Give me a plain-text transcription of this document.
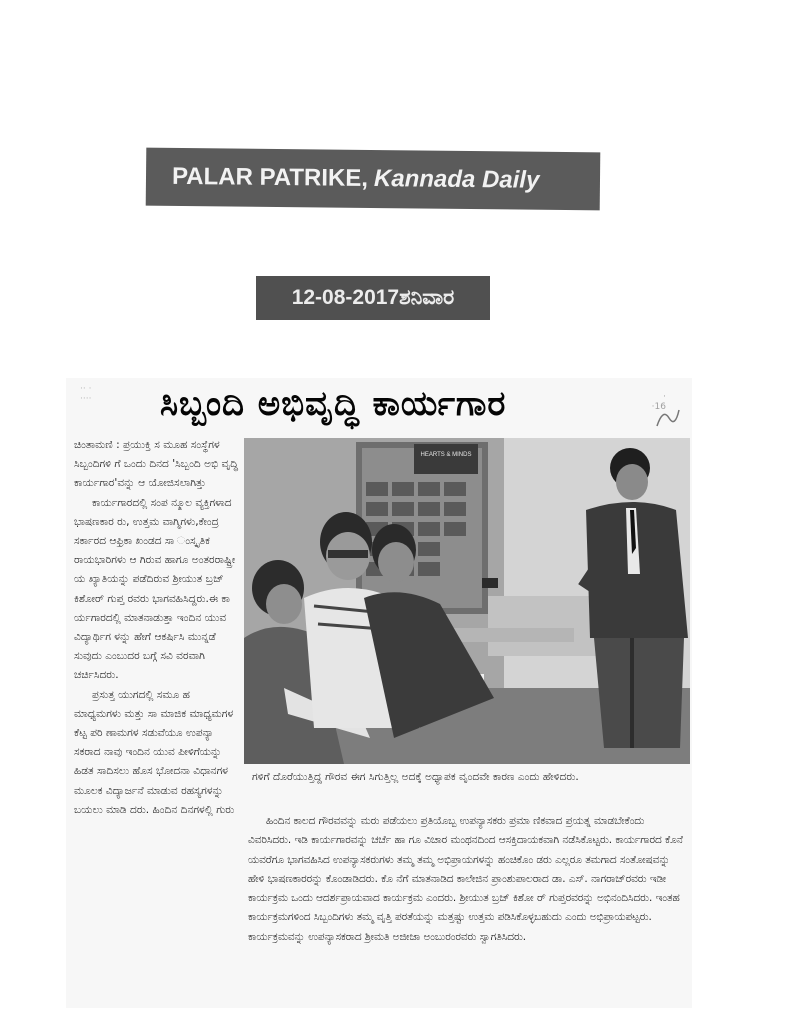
PALAR PATRIKE, Kannada Daily
12-08-2017ಶನಿವಾರ
·· ·
····	·
·16
ಸಿಬ್ಬಂದಿ ಅಭಿವೃದ್ಧಿ ಕಾರ್ಯಗಾರ

ಚಿಂತಾಮಣಿ : ಪ್ರಯುಕ್ತಿ ಸ ಮೂಹ ಸಂಸ್ಥೆಗಳ ಸಿಬ್ಬಂದಿಗಳಿ ಗೆ ಒಂದು ದಿನದ 'ಸಿಬ್ಬಂದಿ ಅಭಿ ವೃದ್ಧಿ ಕಾರ್ಯಗಾರ'ವನ್ನು ಆ ಯೋಜಿಸಲಾಗಿತ್ತು

ಕಾರ್ಯಗಾರದಲ್ಲಿ ಸಂಪ ನ್ಮೂಲ ವ್ಯಕ್ತಿಗಳಾದ ಭಾಷಣಕಾರ ರು, ಉತ್ತಮ ವಾಗ್ಮಿಗಳು,ಕೇಂದ್ರ ಸರ್ಕಾರದ ಆಫ್ರಿಕಾ ಖಂಡದ ಸಾ ಂಸ್ಕೃತಿಕ ರಾಯಭಾರಿಗಳು ಆ ಗಿರುವ ಹಾಗೂ ಅಂತರರಾಷ್ಟ್ರೀ ಯ ಖ್ಯಾತಿಯನ್ನು ಪಡೆದಿರುವ ಶ್ರೀಯುತ ಬ್ರಜ್ ಕಿಶೋರ್ ಗುಪ್ತ ರವರು ಭಾಗವಹಿಸಿದ್ದರು.ಈ ಕಾ ರ್ಯಗಾರದಲ್ಲಿ ಮಾತನಾಡುತ್ತಾ ಇಂದಿನ ಯುವ ವಿದ್ಯಾರ್ಥಿಗ ಳನ್ನು ಹೇಗೆ ಆಕರ್ಷಿಸಿ ಮುನ್ನಡೆ ಸುವುದು ಎಂಬುದರ ಬಗ್ಗೆ ಸವಿ ವರವಾಗಿ ಚರ್ಚಿಸಿದರು.

ಪ್ರಸುತ್ತ ಯುಗದಲ್ಲಿ ಸಮೂ ಹ ಮಾಧ್ಯಮಗಳು ಮತ್ತು ಸಾ ಮಾಜಿಕ ಮಾಧ್ಯಮಗಳ ಕೆಟ್ಟ ಪರಿ ಣಾಮಗಳ ಸಡುವೆಯೂ ಉಪನ್ಯಾ ಸಕರಾದ ನಾವು ಇಂದಿನ ಯುವ ಪೀಳಿಗೆಯನ್ನು ಹಿಡತ ಸಾದಿಸಲು ಹೊಸ ಭೋದನಾ ವಿಧಾನಗಳ ಮೂಲಕ ವಿದ್ಯಾರ್ಜನೆ ಮಾಡುವ ರಹಸ್ಯಗಳನ್ನು ಬಯಲು ಮಾಡಿ ದರು. ಹಿಂದಿನ ದಿನಗಳಲ್ಲಿ ಗುರು

HEARTS & MINDS
ಗಳಿಗೆ ದೊರೆಯುತ್ತಿದ್ದ ಗೌರವ ಈಗ ಸಿಗುತ್ತಿಲ್ಲ ಅದಕ್ಕೆ ಅಧ್ಯಾಪಕ ವೃಂದವೇ ಕಾರಣ ಎಂದು ಹೇಳಿದರು.

ಹಿಂದಿನ ಕಾಲದ ಗೌರವವನ್ನು ಮರು ಪಡೆಯಲು ಪ್ರತಿಯೊಬ್ಬ ಉಪನ್ಯಾಸಕರು ಪ್ರಮಾ ಣಿಕವಾದ ಪ್ರಯತ್ನ ಮಾಡಬೇಕೆಂದು ವಿವರಿಸಿದರು. ಇಡಿ ಕಾರ್ಯಗಾರವನ್ನು ಚರ್ಚೆ ಹಾ ಗೂ ವಿಚಾರ ಮಂಥನದಿಂದ ಆಸಕ್ತಿದಾಯಕವಾಗಿ ನಡೆಸಿಕೊಟ್ಟರು. ಕಾರ್ಯಗಾರದ ಕೊನೆ ಯವರೆಗೂ ಭಾಗವಹಿಸಿದ ಉಪನ್ಯಾಸಕರುಗಳು ತಮ್ಮ ತಮ್ಮ ಅಭಿಪ್ರಾಯಗಳನ್ನು ಹಂಚಿಕೊಂ ಡರು ಎಲ್ಲರೂ ತಮಗಾದ ಸಂತೋಷವನ್ನು ಹೇಳಿ ಭಾಷಣಕಾರರನ್ನು ಕೊಂಡಾಡಿದರು. ಕೊ ನೆಗೆ ಮಾತನಾಡಿದ ಕಾಲೇಜಿನ ಪ್ರಾಂಶುಪಾಲರಾದ ಡಾ. ಎಸ್. ನಾಗರಾಜ್‌ರವರು ಇಡೀ ಕಾರ್ಯಕ್ರಮ ಒಂದು ಆದರ್ಶಪ್ರಾಯವಾದ ಕಾರ್ಯಕ್ರಮ ಎಂದರು. ಶ್ರೀಯುತ ಬ್ರಜ್ ಕಿಶೋ ರ್ ಗುಪ್ತರವರನ್ನು ಅಭಿನಂದಿಸಿದರು. ಇಂತಹ ಕಾರ್ಯಕ್ರಮಗಳಿಂದ ಸಿಬ್ಬಂದಿಗಳು ತಮ್ಮ ವೃತ್ತಿ ಪರತೆಯನ್ನು ಮತ್ತಷ್ಟು ಉತ್ತಮ ಪಡಿಸಿಕೊಳ್ಳಬಹುದು ಎಂದು ಅಭಿಪ್ರಾಯಪಟ್ಟರು. ಕಾರ್ಯಕ್ರಮವನ್ನು ಉಪನ್ಯಾಸಕರಾದ ಶ್ರೀಮತಿ ಅಜೀಜಾ ಅಂಬುರಂರವರು ಸ್ವಾಗತಿಸಿದರು.
